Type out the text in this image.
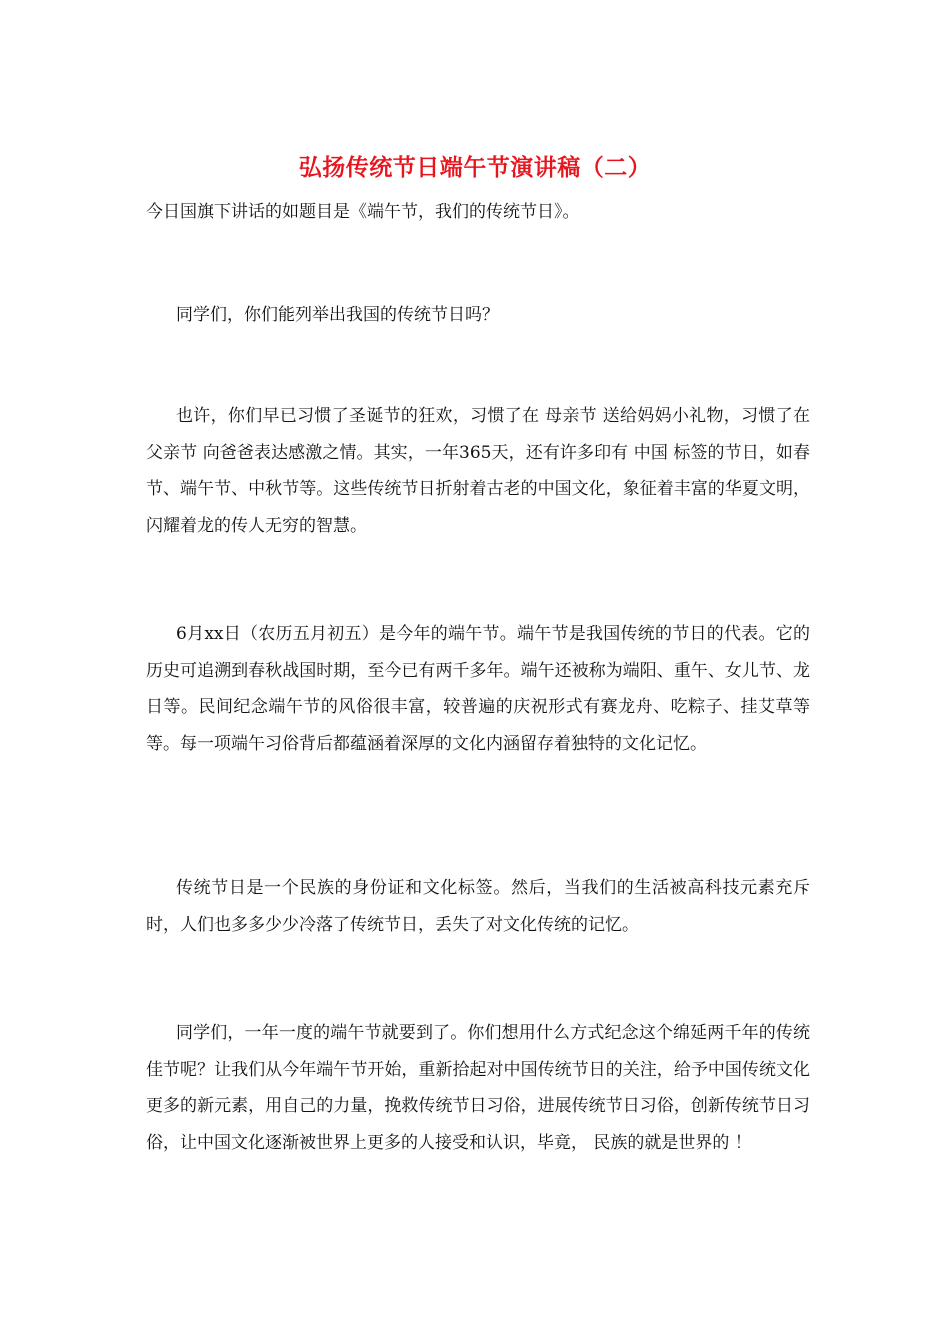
弘扬传统节日端午节演讲稿（二）
今日国旗下讲话的如题目是《端午节，我们的传统节日》。
同学们，你们能列举出我国的传统节日吗？
也许，你们早已习惯了圣诞节的狂欢，习惯了在 母亲节 送给妈妈小礼物，习惯了在 父亲节 向爸爸表达感激之情。其实，一年365天，还有许多印有 中国 标签的节日，如春节、端午节、中秋节等。这些传统节日折射着古老的中国文化，象征着丰富的华夏文明，闪耀着龙的传人无穷的智慧。
6月xx日（农历五月初五）是今年的端午节。端午节是我国传统的节日的代表。它的历史可追溯到春秋战国时期，至今已有两千多年。端午还被称为端阳、重午、女儿节、龙日等。民间纪念端午节的风俗很丰富，较普遍的庆祝形式有赛龙舟、吃粽子、挂艾草等等。每一项端午习俗背后都蕴涵着深厚的文化内涵留存着独特的文化记忆。
传统节日是一个民族的身份证和文化标签。然后，当我们的生活被高科技元素充斥时，人们也多多少少冷落了传统节日，丢失了对文化传统的记忆。
同学们，一年一度的端午节就要到了。你们想用什么方式纪念这个绵延两千年的传统佳节呢？让我们从今年端午节开始，重新拾起对中国传统节日的关注，给予中国传统文化更多的新元素，用自己的力量，挽救传统节日习俗，进展传统节日习俗，创新传统节日习俗，让中国文化逐渐被世界上更多的人接受和认识，毕竟， 民族的就是世界的 ！
